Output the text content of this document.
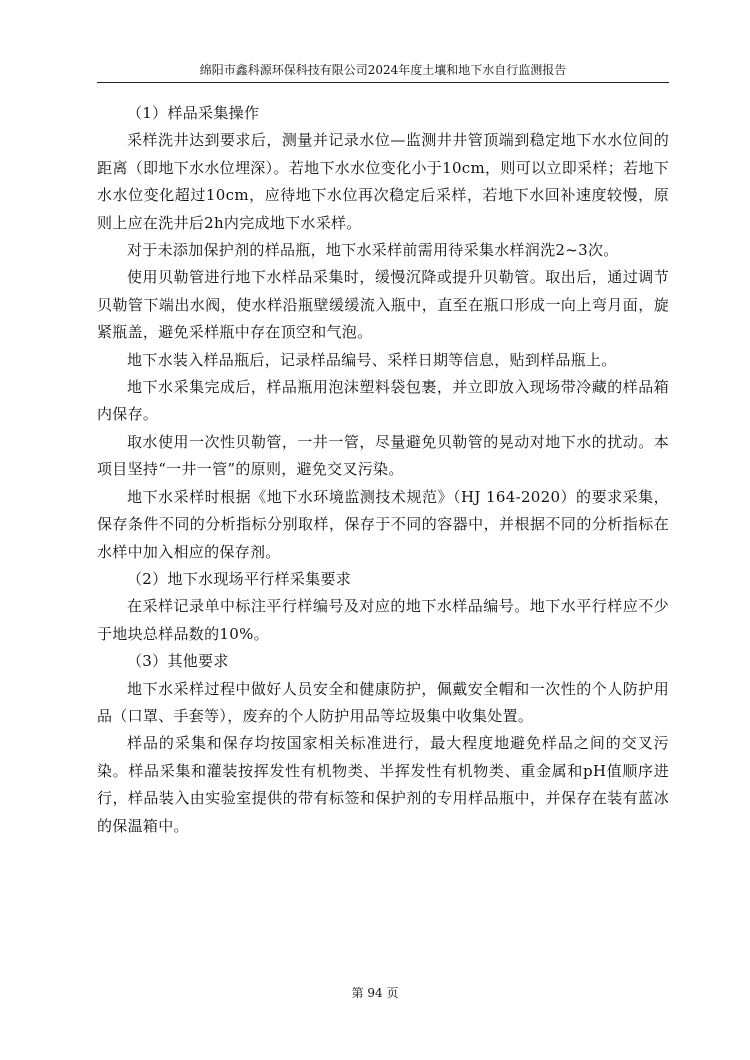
绵阳市鑫科源环保科技有限公司2024年度土壤和地下水自行监测报告

（1）样品采集操作

采样洗井达到要求后，测量并记录水位—监测井井管顶端到稳定地下水水位间的距离（即地下水水位埋深）。若地下水水位变化小于10cm，则可以立即采样；若地下水水位变化超过10cm，应待地下水位再次稳定后采样，若地下水回补速度较慢，原则上应在洗井后2h内完成地下水采样。

对于未添加保护剂的样品瓶，地下水采样前需用待采集水样润洗2~3次。

使用贝勒管进行地下水样品采集时，缓慢沉降或提升贝勒管。取出后，通过调节贝勒管下端出水阀，使水样沿瓶壁缓缓流入瓶中，直至在瓶口形成一向上弯月面，旋紧瓶盖，避免采样瓶中存在顶空和气泡。

地下水装入样品瓶后，记录样品编号、采样日期等信息，贴到样品瓶上。

地下水采集完成后，样品瓶用泡沫塑料袋包裹，并立即放入现场带冷藏的样品箱内保存。

取水使用一次性贝勒管，一井一管，尽量避免贝勒管的晃动对地下水的扰动。本项目坚持“一井一管”的原则，避免交叉污染。

地下水采样时根据《地下水环境监测技术规范》（HJ 164-2020）的要求采集，保存条件不同的分析指标分别取样，保存于不同的容器中，并根据不同的分析指标在水样中加入相应的保存剂。

（2）地下水现场平行样采集要求

在采样记录单中标注平行样编号及对应的地下水样品编号。地下水平行样应不少于地块总样品数的10%。

（3）其他要求

地下水采样过程中做好人员安全和健康防护，佩戴安全帽和一次性的个人防护用品（口罩、手套等），废弃的个人防护用品等垃圾集中收集处置。

样品的采集和保存均按国家相关标准进行，最大程度地避免样品之间的交叉污染。样品采集和灌装按挥发性有机物类、半挥发性有机物类、重金属和pH值顺序进行，样品装入由实验室提供的带有标签和保护剂的专用样品瓶中，并保存在装有蓝冰的保温箱中。

第 94 页
